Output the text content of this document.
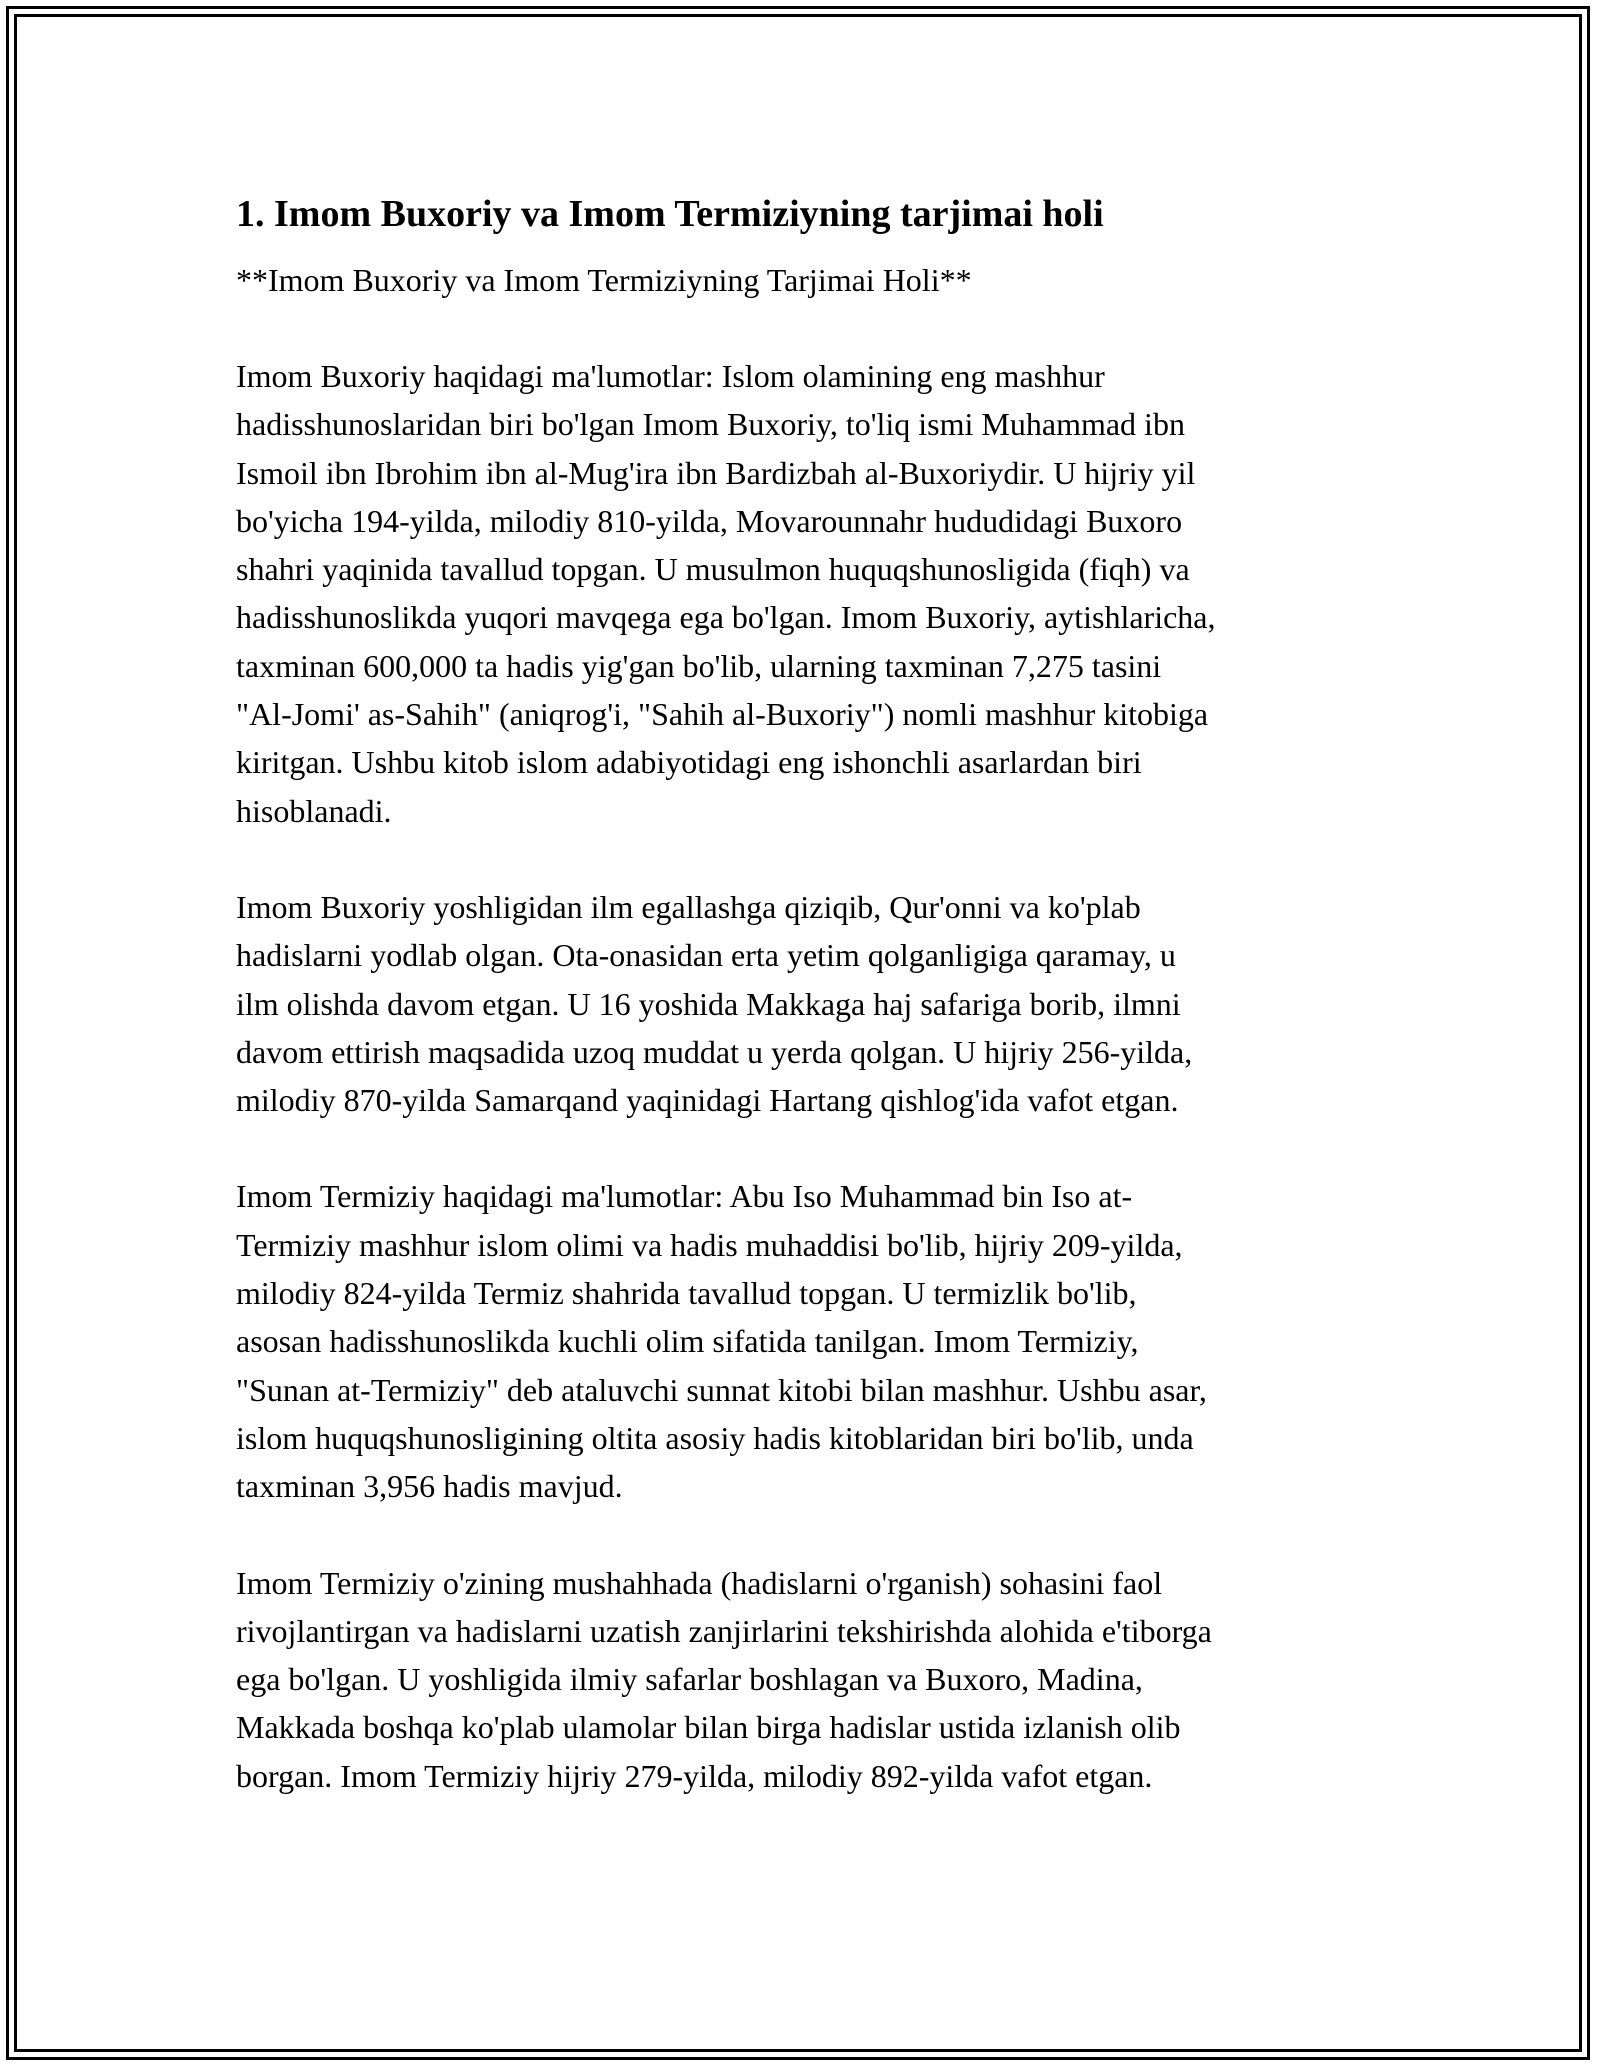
1. Imom Buxoriy va Imom Termiziyning tarjimai holi
**Imom Buxoriy va Imom Termiziyning Tarjimai Holi**
Imom Buxoriy haqidagi ma'lumotlar: Islom olamining eng mashhur
hadisshunoslaridan biri bo'lgan Imom Buxoriy, to'liq ismi Muhammad ibn
Ismoil ibn Ibrohim ibn al-Mug'ira ibn Bardizbah al-Buxoriydir. U hijriy yil
bo'yicha 194-yilda, milodiy 810-yilda, Movarounnahr hududidagi Buxoro
shahri yaqinida tavallud topgan. U musulmon huquqshunosligida (fiqh) va
hadisshunoslikda yuqori mavqega ega bo'lgan. Imom Buxoriy, aytishlaricha,
taxminan 600,000 ta hadis yig'gan bo'lib, ularning taxminan 7,275 tasini
"Al-Jomi' as-Sahih" (aniqrog'i, "Sahih al-Buxoriy") nomli mashhur kitobiga
kiritgan. Ushbu kitob islom adabiyotidagi eng ishonchli asarlardan biri
hisoblanadi.
Imom Buxoriy yoshligidan ilm egallashga qiziqib, Qur'onni va ko'plab
hadislarni yodlab olgan. Ota-onasidan erta yetim qolganligiga qaramay, u
ilm olishda davom etgan. U 16 yoshida Makkaga haj safariga borib, ilmni
davom ettirish maqsadida uzoq muddat u yerda qolgan. U hijriy 256-yilda,
milodiy 870-yilda Samarqand yaqinidagi Hartang qishlog'ida vafot etgan.
Imom Termiziy haqidagi ma'lumotlar: Abu Iso Muhammad bin Iso at-
Termiziy mashhur islom olimi va hadis muhaddisi bo'lib, hijriy 209-yilda,
milodiy 824-yilda Termiz shahrida tavallud topgan. U termizlik bo'lib,
asosan hadisshunoslikda kuchli olim sifatida tanilgan. Imom Termiziy,
"Sunan at-Termiziy" deb ataluvchi sunnat kitobi bilan mashhur. Ushbu asar,
islom huquqshunosligining oltita asosiy hadis kitoblaridan biri bo'lib, unda
taxminan 3,956 hadis mavjud.
Imom Termiziy o'zining mushahhada (hadislarni o'rganish) sohasini faol
rivojlantirgan va hadislarni uzatish zanjirlarini tekshirishda alohida e'tiborga
ega bo'lgan. U yoshligida ilmiy safarlar boshlagan va Buxoro, Madina,
Makkada boshqa ko'plab ulamolar bilan birga hadislar ustida izlanish olib
borgan. Imom Termiziy hijriy 279-yilda, milodiy 892-yilda vafot etgan.
